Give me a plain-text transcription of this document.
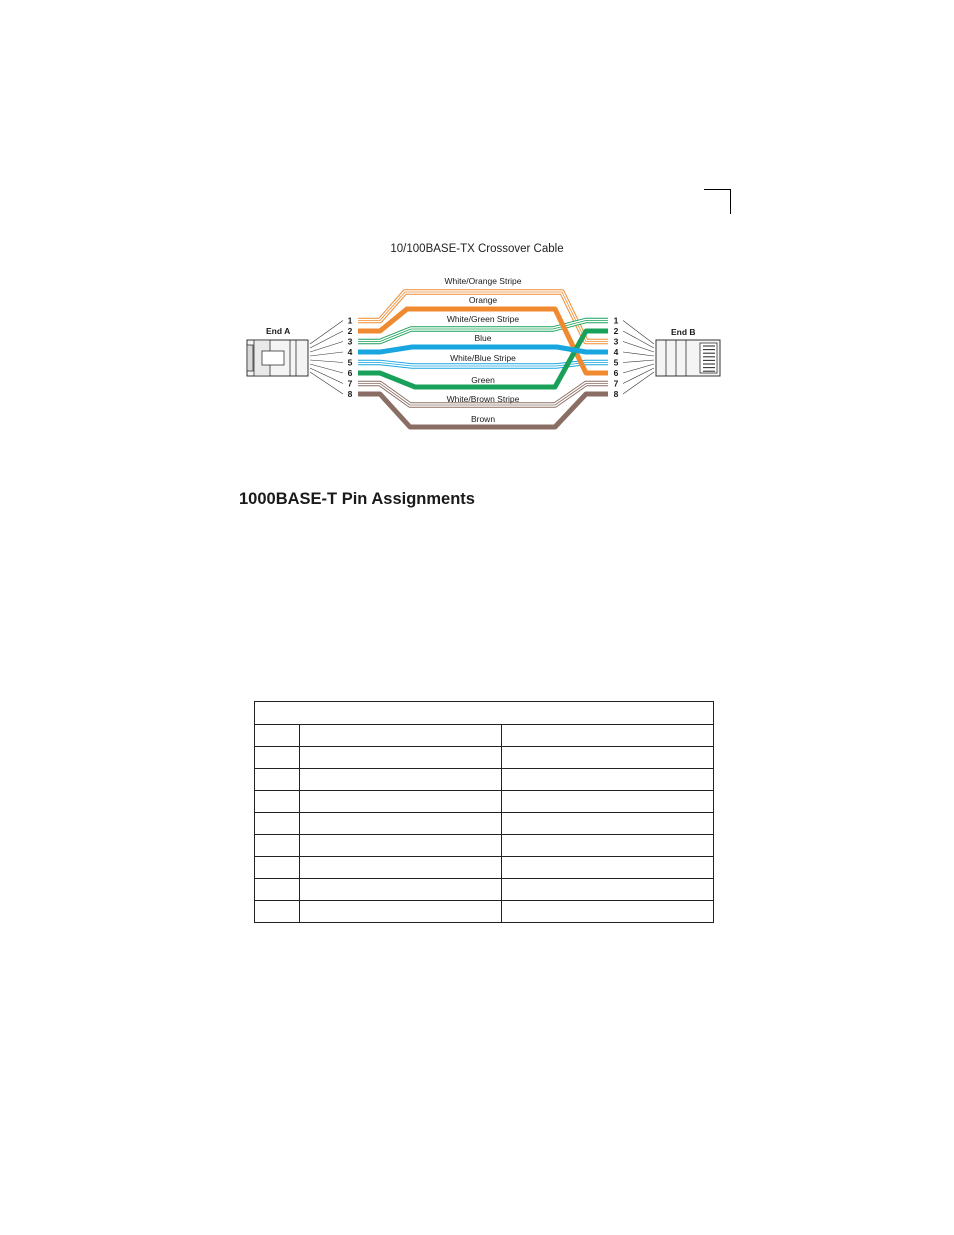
10/100BASE-TX Crossover Cable
Brown
White/Brown Stripe
White/Orange Stripe
White/Green Stripe
White/Blue Stripe
Orange
Green
Blue
1	1
2	2
3	3
4	4
5	5
6	6
7	7
8	8
End A	End B
1000BASE-T Pin Assignments
